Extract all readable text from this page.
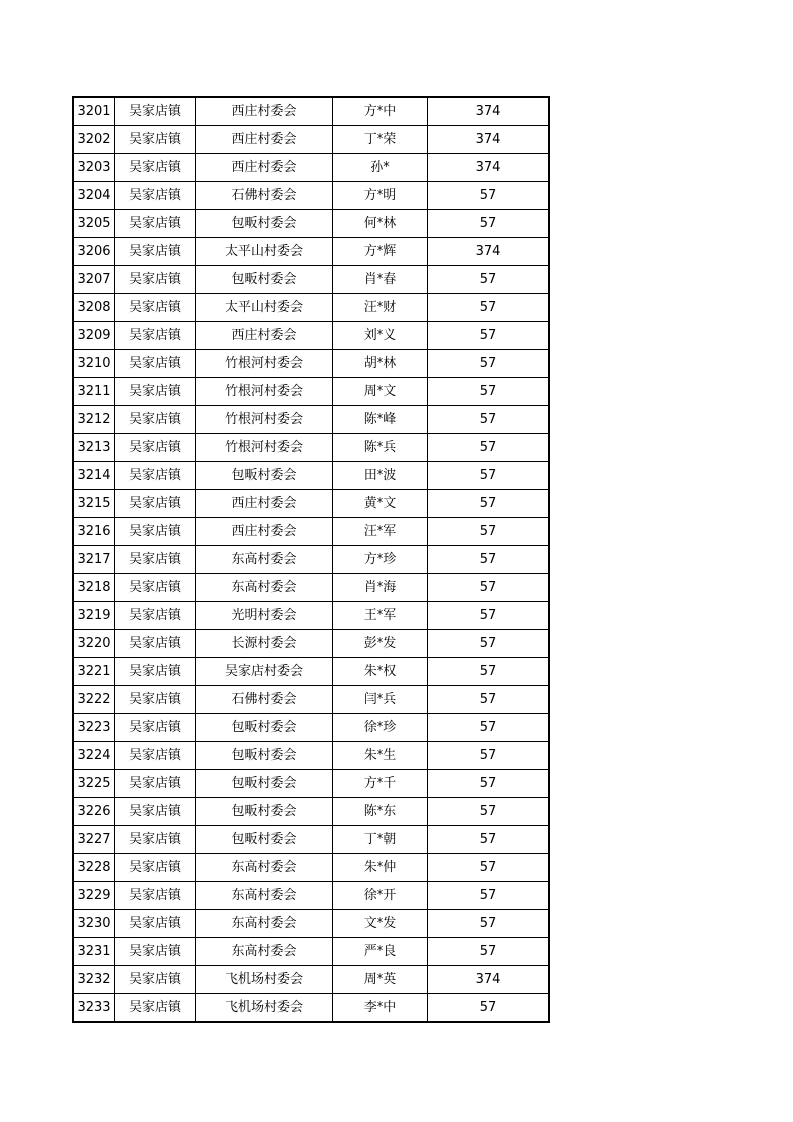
3201	吴家店镇	西庄村委会	方*中	374
3202	吴家店镇	西庄村委会	丁*荣	374
3203	吴家店镇	西庄村委会	孙*	374
3204	吴家店镇	石佛村委会	方*明	57
3205	吴家店镇	包畈村委会	何*林	57
3206	吴家店镇	太平山村委会	方*辉	374
3207	吴家店镇	包畈村委会	肖*春	57
3208	吴家店镇	太平山村委会	汪*财	57
3209	吴家店镇	西庄村委会	刘*义	57
3210	吴家店镇	竹根河村委会	胡*林	57
3211	吴家店镇	竹根河村委会	周*文	57
3212	吴家店镇	竹根河村委会	陈*峰	57
3213	吴家店镇	竹根河村委会	陈*兵	57
3214	吴家店镇	包畈村委会	田*波	57
3215	吴家店镇	西庄村委会	黄*文	57
3216	吴家店镇	西庄村委会	汪*军	57
3217	吴家店镇	东高村委会	方*珍	57
3218	吴家店镇	东高村委会	肖*海	57
3219	吴家店镇	光明村委会	王*军	57
3220	吴家店镇	长源村委会	彭*发	57
3221	吴家店镇	吴家店村委会	朱*权	57
3222	吴家店镇	石佛村委会	闫*兵	57
3223	吴家店镇	包畈村委会	徐*珍	57
3224	吴家店镇	包畈村委会	朱*生	57
3225	吴家店镇	包畈村委会	方*千	57
3226	吴家店镇	包畈村委会	陈*东	57
3227	吴家店镇	包畈村委会	丁*朝	57
3228	吴家店镇	东高村委会	朱*仲	57
3229	吴家店镇	东高村委会	徐*开	57
3230	吴家店镇	东高村委会	文*发	57
3231	吴家店镇	东高村委会	严*良	57
3232	吴家店镇	飞机场村委会	周*英	374
3233	吴家店镇	飞机场村委会	李*中	57
